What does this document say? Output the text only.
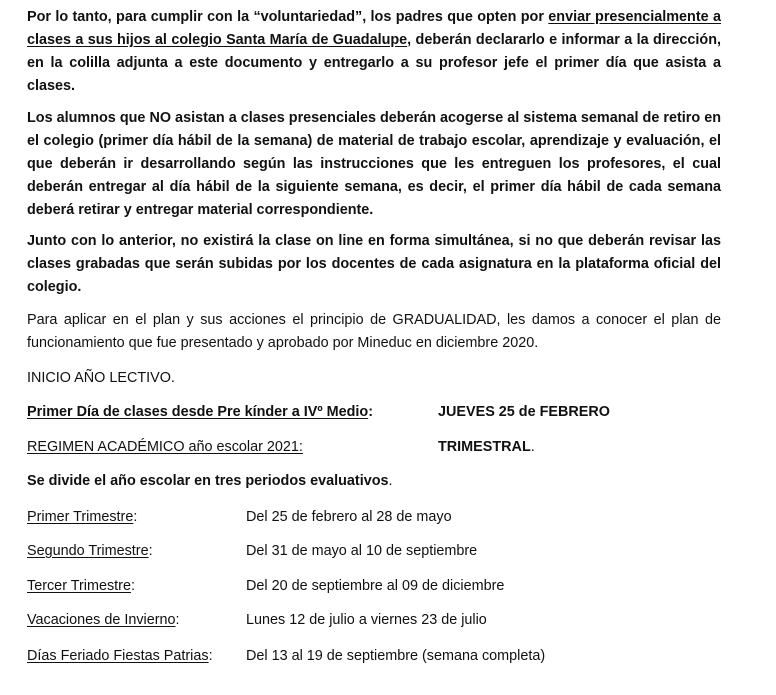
Por lo tanto, para cumplir con la “voluntariedad”, los padres que opten por enviar presencialmente a clases a sus hijos al colegio Santa María de Guadalupe, deberán declararlo e informar a la dirección, en la colilla adjunta a este documento y entregarlo a su profesor jefe el primer día que asista a clases.

Los alumnos que NO asistan a clases presenciales deberán acogerse al sistema semanal de retiro en el colegio (primer día hábil de la semana) de material de trabajo escolar, aprendizaje y evaluación, el que deberán ir desarrollando según las instrucciones que les entreguen los profesores, el cual deberán entregar al día hábil de la siguiente semana, es decir, el primer día hábil de cada semana deberá retirar y entregar material correspondiente.

Junto con lo anterior, no existirá la clase on line en forma simultánea, si no que deberán revisar las clases grabadas que serán subidas por los docentes de cada asignatura en la plataforma oficial del colegio.

Para aplicar en el plan y sus acciones el principio de GRADUALIDAD, les damos a conocer el plan de funcionamiento que fue presentado y aprobado por Mineduc en diciembre 2020.

INICIO AÑO LECTIVO.
Primer Día de clases desde Pre kínder a IVº Medio:	JUEVES 25 de FEBRERO
REGIMEN ACADÉMICO año escolar 2021:	TRIMESTRAL.
Se divide el año escolar en tres periodos evaluativos.
Primer Trimestre:	Del 25 de febrero al 28 de mayo
Segundo Trimestre:	Del 31 de mayo al 10 de septiembre
Tercer Trimestre:	Del 20 de septiembre al 09 de diciembre
Vacaciones de Invierno:	Lunes 12 de julio a viernes 23 de julio
Días Feriado Fiestas Patrias: Del 13 al 19 de septiembre (semana completa)
